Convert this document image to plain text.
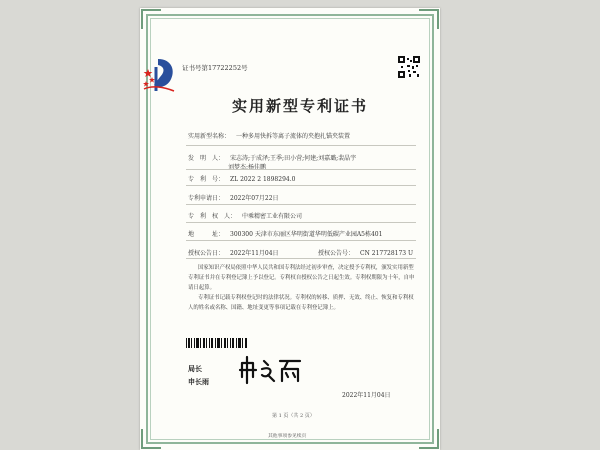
证书号第17722252号
实用新型专利证书
实用新型名称： 一种多用快拆等离子流体的夹抱扎锚夹装置
发　明　人： 宋志涛;于成泽;王季;田小营;何建;刘嘉璐;裴晶宇
刘梦杰;杨佳鹏
专　利　号： ZL 2022 2 1898294.0
专利申请日： 2022年07月22日
专　利　权　人： 中乘精密工业有限公司
地　　　址： 300300 天津市东丽区华明街道华明低碳产业园A5栋401
授权公告日： 2022年11月04日	授权公告号： CN 217728173 U
国家知识产权局依照中华人民共和国专利法经过初步审查，决定授予专利权，颁发实用新型专利证书并在专利登记簿上予以登记。专利权自授权公告之日起生效。专利权期限为十年，自申请日起算。
专利证书记载专利权登记时的法律状况。专利权的转移、质押、无效、终止、恢复和专利权人的姓名或名称、国籍、地址变更等事项记载在专利登记簿上。
局长
申长雨
2022年11月04日
第 1 页（共 2 页）
其他事项参见续页
